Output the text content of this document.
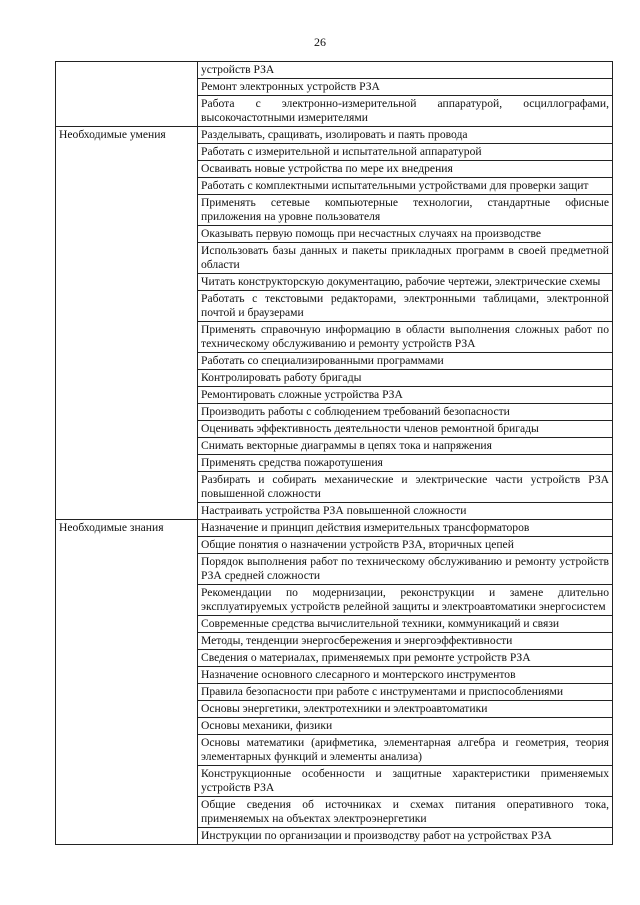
26
	устройств РЗА
	Ремонт электронных устройств РЗА
	Работа с электронно-измерительной аппаратурой, осциллографами, высокочастотными измерителями
Необходимые умения	Разделывать, сращивать, изолировать и паять провода
	Работать с измерительной и испытательной аппаратурой
	Осваивать новые устройства по мере их внедрения
	Работать с комплектными испытательными устройствами для проверки защит
	Применять сетевые компьютерные технологии, стандартные офисные приложения на уровне пользователя
	Оказывать первую помощь при несчастных случаях на производстве
	Использовать базы данных и пакеты прикладных программ в своей предметной области
	Читать конструкторскую документацию, рабочие чертежи, электрические схемы
	Работать с текстовыми редакторами, электронными таблицами, электронной почтой и браузерами
	Применять справочную информацию в области выполнения сложных работ по техническому обслуживанию и ремонту устройств РЗА
	Работать со специализированными программами
	Контролировать работу бригады
	Ремонтировать сложные устройства РЗА
	Производить работы с соблюдением требований безопасности
	Оценивать эффективность деятельности членов ремонтной бригады
	Снимать векторные диаграммы в цепях тока и напряжения
	Применять средства пожаротушения
	Разбирать и собирать механические и электрические части устройств РЗА повышенной сложности
	Настраивать устройства РЗА повышенной сложности
Необходимые знания	Назначение и принцип действия измерительных трансформаторов
	Общие понятия о назначении устройств РЗА, вторичных цепей
	Порядок выполнения работ по техническому обслуживанию и ремонту устройств РЗА средней сложности
	Рекомендации по модернизации, реконструкции и замене длительно эксплуатируемых устройств релейной защиты и электроавтоматики энергосистем
	Современные средства вычислительной техники, коммуникаций и связи
	Методы, тенденции энергосбережения и энергоэффективности
	Сведения о материалах, применяемых при ремонте устройств РЗА
	Назначение основного слесарного и монтерского инструментов
	Правила безопасности при работе с инструментами и приспособлениями
	Основы энергетики, электротехники и электроавтоматики
	Основы механики, физики
	Основы математики (арифметика, элементарная алгебра и геометрия, теория элементарных функций и элементы анализа)
	Конструкционные особенности и защитные характеристики применяемых устройств РЗА
	Общие сведения об источниках и схемах питания оперативного тока, применяемых на объектах электроэнергетики
	Инструкции по организации и производству работ на устройствах РЗА
